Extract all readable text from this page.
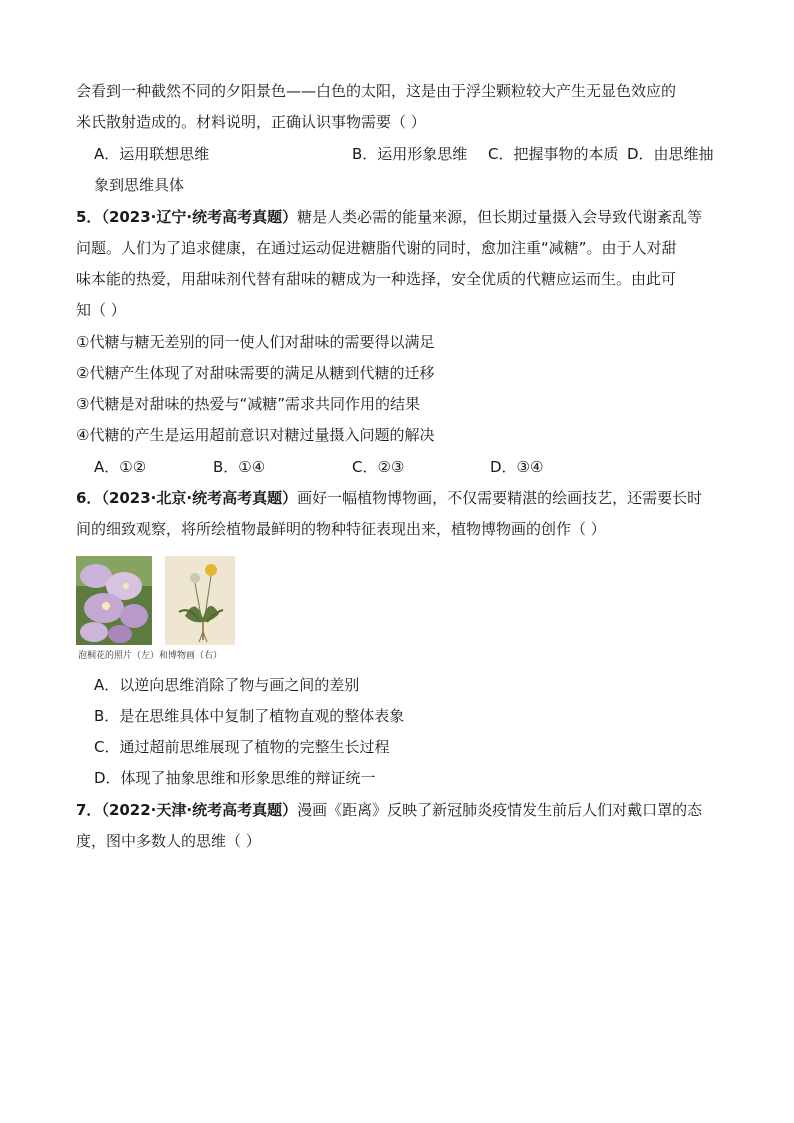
会看到一种截然不同的夕阳景色——白色的太阳，这是由于浮尘颗粒较大产生无显色效应的
米氏散射造成的。材料说明，正确认识事物需要（ ）
A．运用联想思维	B．运用形象思维 C．把握事物的本质 D．由思维抽
象到思维具体
5．（2023·辽宁·统考高考真题）糖是人类必需的能量来源，但长期过量摄入会导致代谢紊乱等
问题。人们为了追求健康，在通过运动促进糖脂代谢的同时，愈加注重“减糖”。由于人对甜
味本能的热爱，用甜味剂代替有甜味的糖成为一种选择，安全优质的代糖应运而生。由此可
知（ ）
①代糖与糖无差别的同一使人们对甜味的需要得以满足
②代糖产生体现了对甜味需要的满足从糖到代糖的迁移
③代糖是对甜味的热爱与“减糖”需求共同作用的结果
④代糖的产生是运用超前意识对糖过量摄入问题的解决
A．①②	B．①④	C．②③	D．③④
6．（2023·北京·统考高考真题）画好一幅植物博物画，不仅需要精湛的绘画技艺，还需要长时
间的细致观察，将所绘植物最鲜明的物种特征表现出来，植物博物画的创作（ ）
泡桐花的照片（左）和博物画（右）
A．以逆向思维消除了物与画之间的差别
B．是在思维具体中复制了植物直观的整体表象
C．通过超前思维展现了植物的完整生长过程
D．体现了抽象思维和形象思维的辩证统一
7．（2022·天津·统考高考真题）漫画《距离》反映了新冠肺炎疫情发生前后人们对戴口罩的态
度，图中多数人的思维（ ）
